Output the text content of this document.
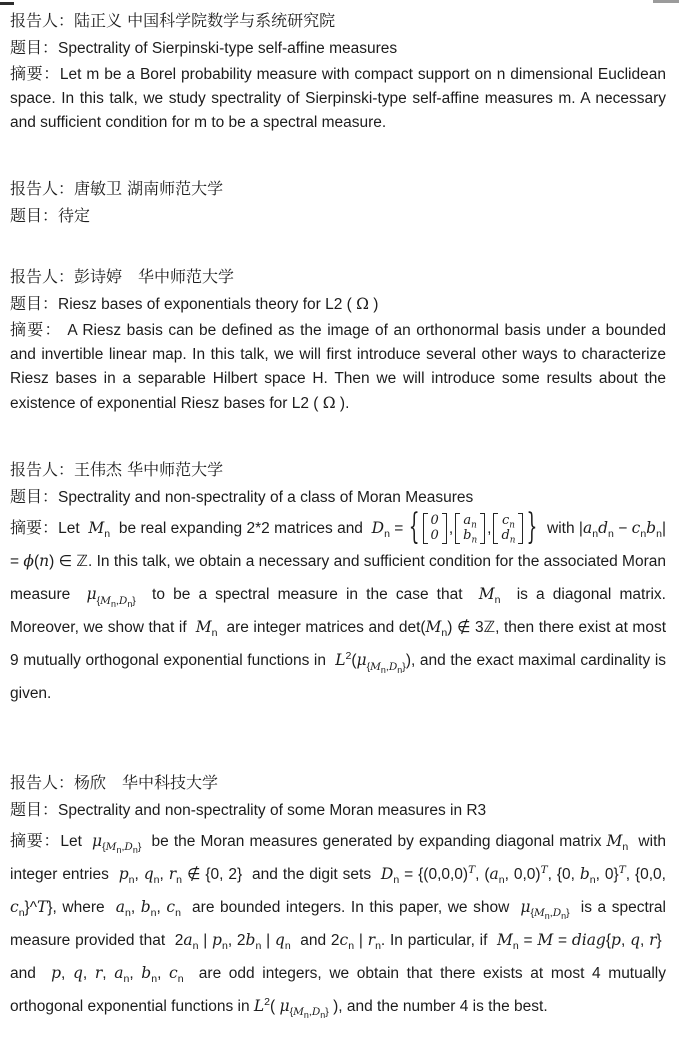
报告人：陆正义 中国科学院数学与系统研究院
题目：Spectrality of Sierpinski-type self-affine measures

摘要：Let m be a Borel probability measure with compact support on n dimensional Euclidean space. In this talk, we study spectrality of Sierpinski-type self-affine measures m. A necessary and sufficient condition for m to be a spectral measure.

报告人：唐敏卫 湖南师范大学
题目：待定
报告人：彭诗婷　华中师范大学
题目：Riesz bases of exponentials theory for L2 ( Ω )

摘要： A Riesz basis can be defined as the image of an orthonormal basis under a bounded and invertible linear map. In this talk, we will first introduce several other ways to characterize Riesz bases in a separable Hilbert space H. Then we will introduce some results about the existence of exponential Riesz bases for L2 ( Ω ).

报告人：王伟杰 华中师范大学
题目：Spectrality and non-spectrality of a class of Moran Measures

摘要：Let  $M_n$  be real expanding 2*2 matrices and  $D_n$ = { 0
0 , $a_n$
$b_n$
, $c_n$
$d_n$ }  with $|a_nd_n - c_nb_n| = \phi(n)$ ∈ ℤ. In this talk, we obtain a necessary and sufficient condition for the associated Moran measure  $\mu_{\{M_n,D_n\}}$  to be a spectral measure in the case that  $M_n$  is a diagonal matrix. Moreover, we show that if  $M_n$  are integer matrices and $\det(M_n)$ ∉ 3ℤ, then there exist at most 9 mutually orthogonal exponential functions in  $L^2(\mu_{\{M_n,D_n\}})$, and the exact maximal cardinality is given.

报告人：杨欣　华中科技大学
题目：Spectrality and non-spectrality of some Moran measures in R3

摘要：Let  $\mu_{\{M_n,D_n\}}$  be the Moran measures generated by expanding diagonal matrix $M_n$  with integer entries  $p_n$, $q_n$, $r_n$ ∉ {0, 2}  and the digit sets  $D_n = \{(0,0,0)^T$, ($a_n$, 0,0)$^T$, {0, $b_n$, 0}$^T$, {0,0, $c_n\}\^{}T$}, where  $a_n$, $b_n$, $c_n$  are bounded integers. In this paper, we show  $\mu_{\{M_n,D_n\}}$  is a spectral measure provided that  $2a_n$ | $p_n$, $2b_n$ | $q_n$  and $2c_n$ | $r_n$. In particular, if  $M_n = M$ = diag{p, q, r}  and  p, q, r, $a_n$, $b_n$, $c_n$  are odd integers, we obtain that there exists at most 4 mutually orthogonal exponential functions in $L^2$( $\mu_{\{M_n,D_n\}}$ ), and the number 4 is the best.
